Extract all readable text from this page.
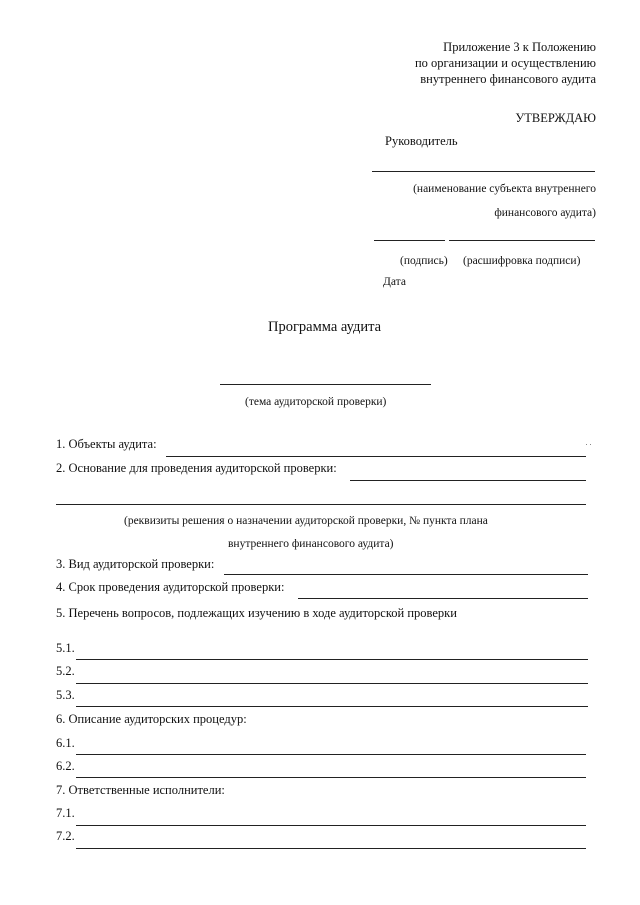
Приложение 3 к Положению
по организации и осуществлению
внутреннего финансового аудита
УТВЕРЖДАЮ
Руководитель
(наименование субъекта внутреннего
финансового аудита)
(подпись) (расшифровка подписи)
Дата
Программа аудита
(тема аудиторской проверки)
1. Объекты аудита:
2. Основание для проведения аудиторской проверки:
(реквизиты решения о назначении аудиторской проверки, № пункта плана
внутреннего финансового аудита)
3. Вид аудиторской проверки:
4. Срок проведения аудиторской проверки:
5. Перечень вопросов, подлежащих изучению в ходе аудиторской проверки
5.1.
5.2.
5.3.
6. Описание аудиторских процедур:
6.1.
6.2.
7. Ответственные исполнители:
7.1.
7.2.
